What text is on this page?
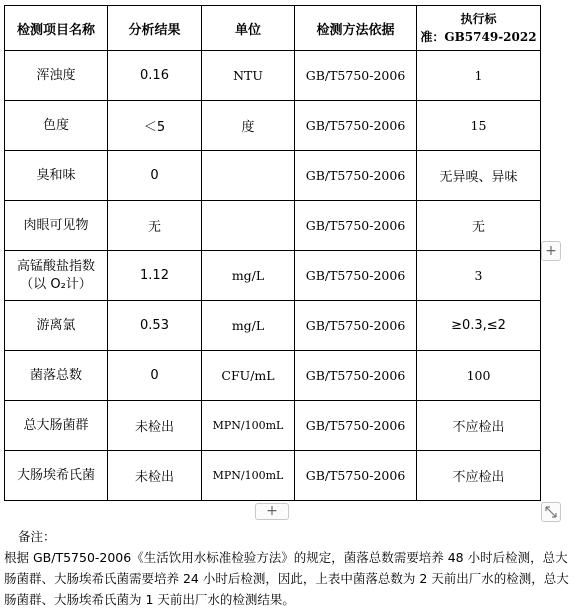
检测项目名称	分析结果	单位	检测方法依据	执行标
准：GB5749-2022

浑浊度	0.16	NTU	GB/T5750-2006	1

色度	＜5	度	GB/T5750-2006	15

臭和味	0		GB/T5750-2006	无异嗅、异味

肉眼可见物	无		GB/T5750-2006	无

高锰酸盐指数
（以 O₂计）	1.12	mg/L	GB/T5750-2006	3

游离氯	0.53	mg/L	GB/T5750-2006	≥0.3,≤2

菌落总数	0	CFU/mL	GB/T5750-2006	100

总大肠菌群	未检出	MPN/100mL	GB/T5750-2006	不应检出

大肠埃希氏菌	未检出	MPN/100mL	GB/T5750-2006	不应检出
+
+
备注：

根据 GB/T5750-2006《生活饮用水标准检验方法》的规定，菌落总数需要培养 48 小时后检测，总大肠菌群、大肠埃希氏菌需要培养 24 小时后检测，因此，上表中菌落总数为 2 天前出厂水的检测，总大肠菌群、大肠埃希氏菌为 1 天前出厂水的检测结果。
